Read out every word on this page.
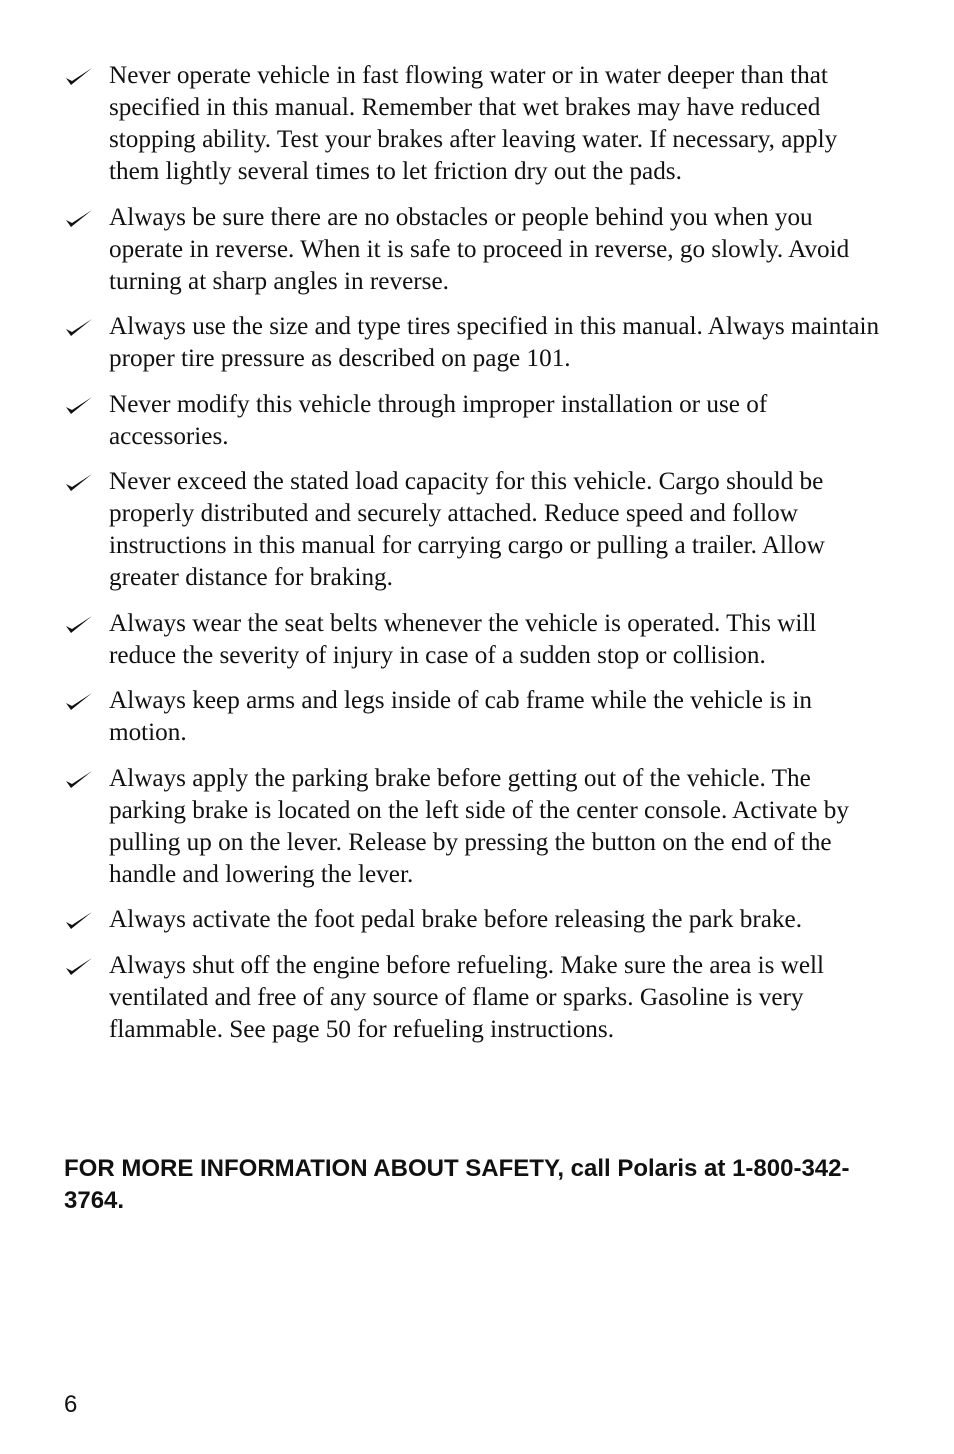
Never operate vehicle in fast flowing water or in water deeper than that specified in this manual. Remember that wet brakes may have reduced stopping ability. Test your brakes after leaving water. If necessary, apply them lightly several times to let friction dry out the pads.
Always be sure there are no obstacles or people behind you when you operate in reverse. When it is safe to proceed in reverse, go slowly. Avoid turning at sharp angles in reverse.
Always use the size and type tires specified in this manual. Always maintain proper tire pressure as described on page 101.
Never modify this vehicle through improper installation or use of accessories.
Never exceed the stated load capacity for this vehicle. Cargo should be properly distributed and securely attached. Reduce speed and follow instructions in this manual for carrying cargo or pulling a trailer. Allow greater distance for braking.
Always wear the seat belts whenever the vehicle is operated. This will reduce the severity of injury in case of a sudden stop or collision.
Always keep arms and legs inside of cab frame while the vehicle is in motion.
Always apply the parking brake before getting out of the vehicle. The parking brake is located on the left side of the center console. Activate by pulling up on the lever. Release by pressing the button on the end of the handle and lowering the lever.
Always activate the foot pedal brake before releasing the park brake.
Always shut off the engine before refueling. Make sure the area is well ventilated and free of any source of flame or sparks. Gasoline is very flammable. See page 50 for refueling instructions.

FOR MORE INFORMATION ABOUT SAFETY, call Polaris at 1-800-342-3764.

6
